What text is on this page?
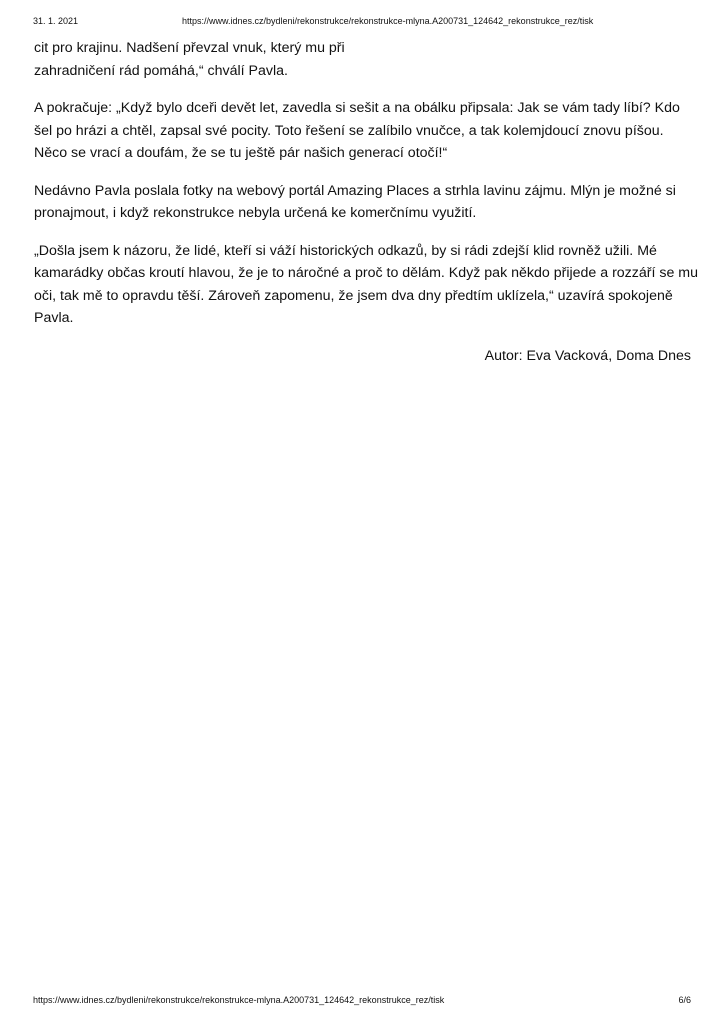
31. 1. 2021	https://www.idnes.cz/bydleni/rekonstrukce/rekonstrukce-mlyna.A200731_124642_rekonstrukce_rez/tisk

cit pro krajinu. Nadšení převzal vnuk, který mu při zahradničení rád pomáhá,“ chválí Pavla.

A pokračuje: „Když bylo dceři devět let, zavedla si sešit a na obálku připsala: Jak se vám tady líbí? Kdo šel po hrázi a chtěl, zapsal své pocity. Toto řešení se zalíbilo vnučce, a tak kolemjdoucí znovu píšou. Něco se vrací a doufám, že se tu ještě pár našich generací otočí!“

Nedávno Pavla poslala fotky na webový portál Amazing Places a strhla lavinu zájmu. Mlýn je možné si pronajmout, i když rekonstrukce nebyla určená ke komerčnímu využití.

„Došla jsem k názoru, že lidé, kteří si váží historických odkazů, by si rádi zdejší klid rovněž užili. Mé kamarádky občas kroutí hlavou, že je to náročné a proč to dělám. Když pak někdo přijede a rozzáří se mu oči, tak mě to opravdu těší. Zároveň zapomenu, že jsem dva dny předtím uklízela,“ uzavírá spokojeně Pavla.

Autor: Eva Vacková, Doma Dnes

https://www.idnes.cz/bydleni/rekonstrukce/rekonstrukce-mlyna.A200731_124642_rekonstrukce_rez/tisk	6/6
